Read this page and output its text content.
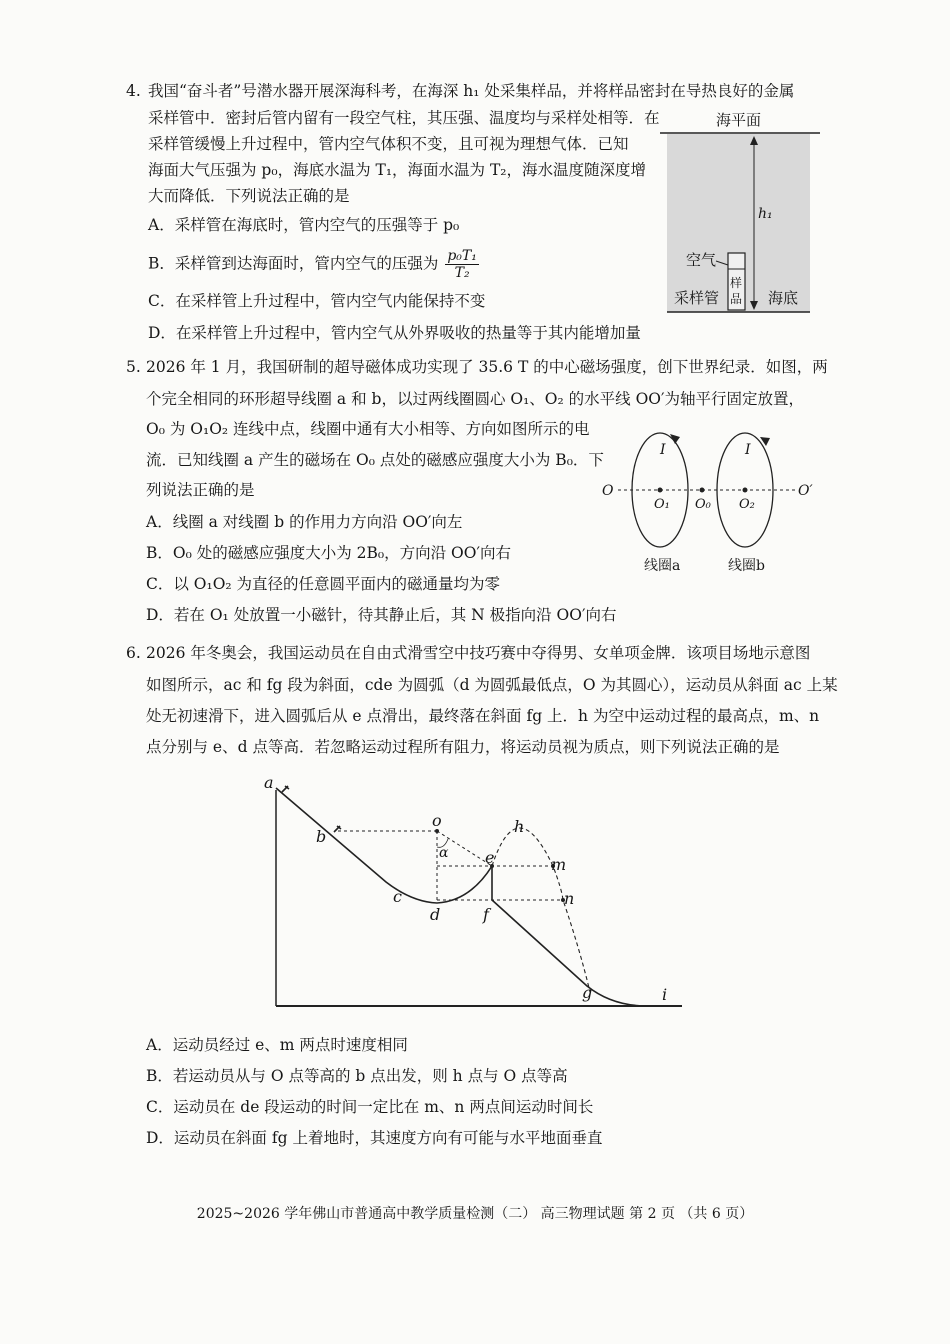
4. 我国“奋斗者”号潜水器开展深海科考，在海深 h₁ 处采集样品，并将样品密封在导热良好的金属
采样管中．密封后管内留有一段空气柱，其压强、温度均与采样处相等．在
采样管缓慢上升过程中，管内空气体积不变，且可视为理想气体．已知
海面大气压强为 p₀，海底水温为 T₁，海面水温为 T₂，海水温度随深度增
大而降低．下列说法正确的是
A．采样管在海底时，管内空气的压强等于 p₀
B．采样管到达海面时，管内空气的压强为 $\frac{\text{p₀T₁}}{\text{T₂}}$
C．在采样管上升过程中，管内空气内能保持不变
D．在采样管上升过程中，管内空气从外界吸收的热量等于其内能增加量
海平面
h₁
空气
样
品
采样管	海底
5. 2026 年 1 月，我国研制的超导磁体成功实现了 35.6 T 的中心磁场强度，创下世界纪录．如图，两
个完全相同的环形超导线圈 a 和 b，以过两线圈圆心 O₁、O₂ 的水平线 OO′为轴平行固定放置，
O₀ 为 O₁O₂ 连线中点，线圈中通有大小相等、方向如图所示的电
流．已知线圈 a 产生的磁场在 O₀ 点处的磁感应强度大小为 B₀．下
列说法正确的是
A．线圈 a 对线圈 b 的作用力方向沿 OO′向左
B．O₀ 处的磁感应强度大小为 2B₀，方向沿 OO′向右
C．以 O₁O₂ 为直径的任意圆平面内的磁通量均为零
D．若在 O₁ 处放置一小磁针，待其静止后，其 N 极指向沿 OO′向右
O	O′
I	I
O₁ O₀ O₂
线圈a	线圈b
6. 2026 年冬奥会，我国运动员在自由式滑雪空中技巧赛中夺得男、女单项金牌．该项目场地示意图
如图所示，ac 和 fg 段为斜面，cde 为圆弧（d 为圆弧最低点，O 为其圆心），运动员从斜面 ac 上某
处无初速滑下，进入圆弧后从 e 点滑出，最终落在斜面 fg 上．h 为空中运动过程的最高点，m、n
点分别与 e、d 点等高．若忽略运动过程所有阻力，将运动员视为质点，则下列说法正确的是
a
b
c
d
o
α e
f
h
m
n
g	i
A．运动员经过 e、m 两点时速度相同
B．若运动员从与 O 点等高的 b 点出发，则 h 点与 O 点等高
C．运动员在 de 段运动的时间一定比在 m、n 两点间运动时间长
D．运动员在斜面 fg 上着地时，其速度方向有可能与水平地面垂直
2025~2026 学年佛山市普通高中教学质量检测（二） 高三物理试题 第 2 页 （共 6 页）
